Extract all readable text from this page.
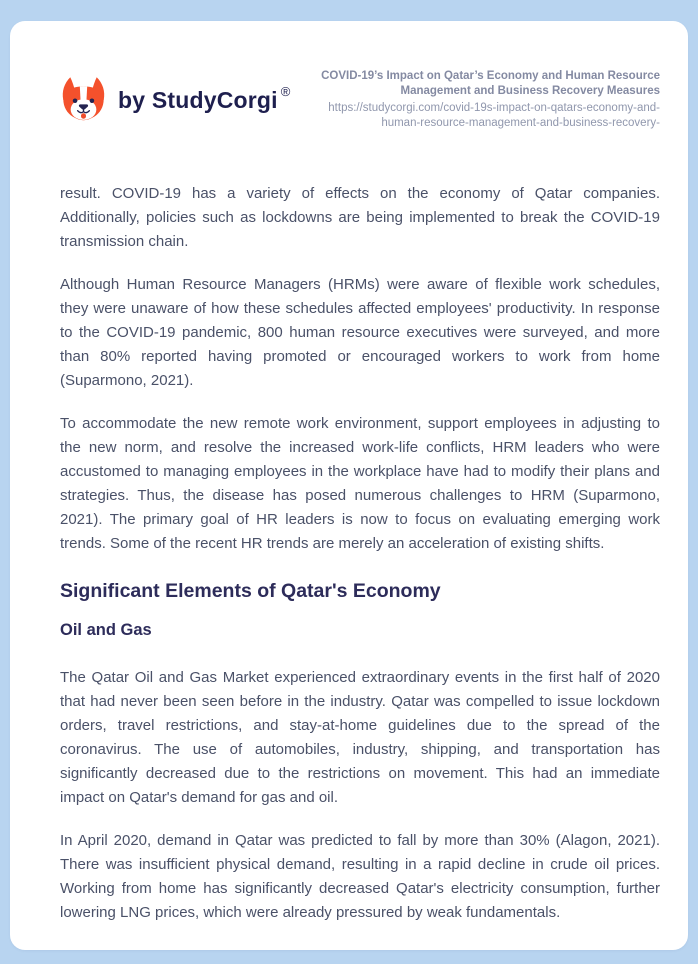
by StudyCorgi ®
COVID-19’s Impact on Qatar’s Economy and Human Resource Management and Business Recovery Measures
https://studycorgi.com/covid-19s-impact-on-qatars-economy-and-human-resource-management-and-business-recovery-

result. COVID-19 has a variety of effects on the economy of Qatar companies. Additionally, policies such as lockdowns are being implemented to break the COVID-19 transmission chain.

Although Human Resource Managers (HRMs) were aware of flexible work schedules, they were unaware of how these schedules affected employees' productivity. In response to the COVID-19 pandemic, 800 human resource executives were surveyed, and more than 80% reported having promoted or encouraged workers to work from home (Suparmono, 2021).

To accommodate the new remote work environment, support employees in adjusting to the new norm, and resolve the increased work-life conflicts, HRM leaders who were accustomed to managing employees in the workplace have had to modify their plans and strategies. Thus, the disease has posed numerous challenges to HRM (Suparmono, 2021). The primary goal of HR leaders is now to focus on evaluating emerging work trends. Some of the recent HR trends are merely an acceleration of existing shifts.

Significant Elements of Qatar's Economy
Oil and Gas

The Qatar Oil and Gas Market experienced extraordinary events in the first half of 2020 that had never been seen before in the industry. Qatar was compelled to issue lockdown orders, travel restrictions, and stay-at-home guidelines due to the spread of the coronavirus. The use of automobiles, industry, shipping, and transportation has significantly decreased due to the restrictions on movement. This had an immediate impact on Qatar's demand for gas and oil.

In April 2020, demand in Qatar was predicted to fall by more than 30% (Alagon, 2021). There was insufficient physical demand, resulting in a rapid decline in crude oil prices. Working from home has significantly decreased Qatar's electricity consumption, further lowering LNG prices, which were already pressured by weak fundamentals.
